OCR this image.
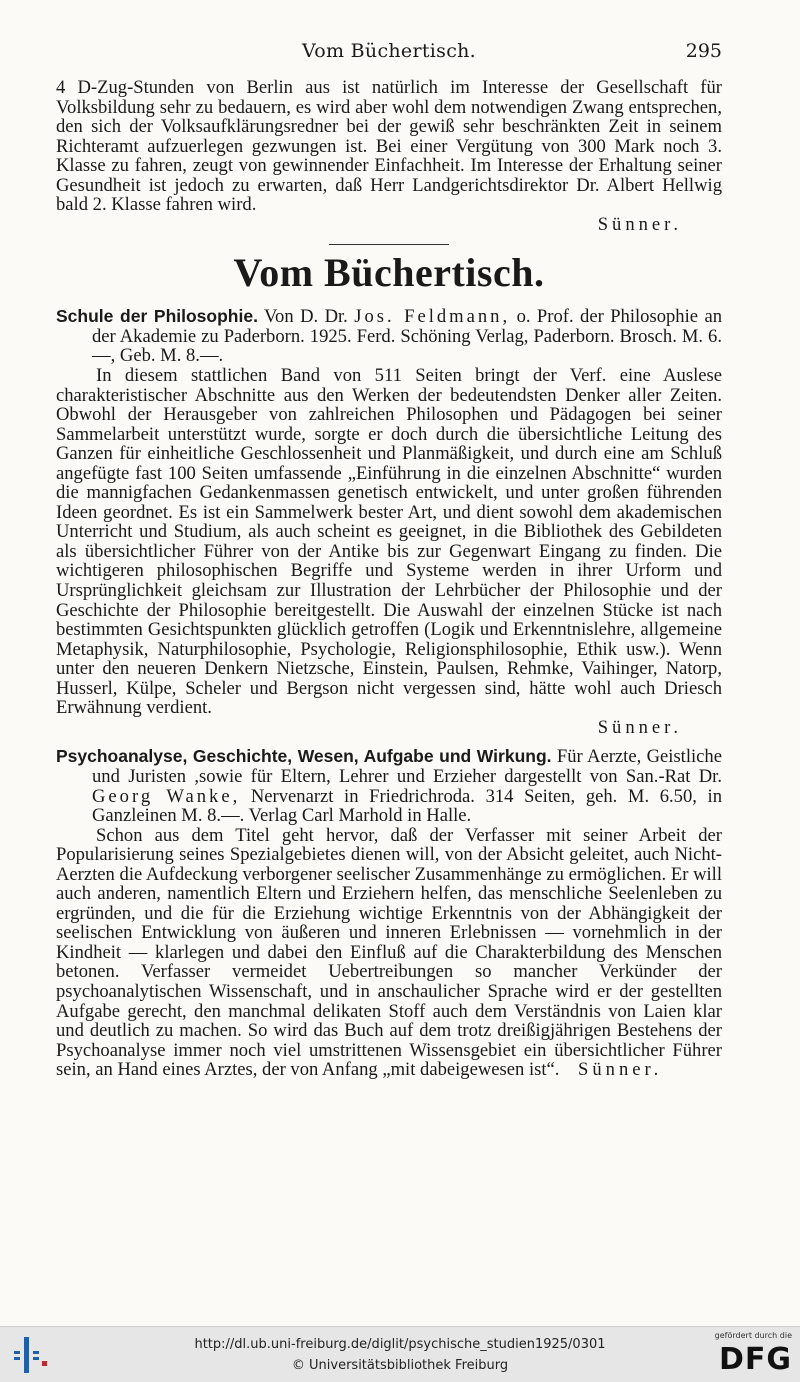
Vom Büchertisch.	295

4 D-Zug-Stunden von Berlin aus ist natürlich im Interesse der Gesellschaft für Volksbildung sehr zu bedauern, es wird aber wohl dem notwendigen Zwang entsprechen, den sich der Volksaufklärungsredner bei der gewiß sehr beschränkten Zeit in seinem Richteramt aufzuerlegen gezwungen ist. Bei einer Vergütung von 300 Mark noch 3. Klasse zu fahren, zeugt von gewinnender Einfachheit. Im Interesse der Erhaltung seiner Gesundheit ist jedoch zu erwarten, daß Herr Landgerichtsdirektor Dr. Albert Hellwig bald 2. Klasse fahren wird.

Sünner.

Vom Büchertisch.

Schule der Philosophie. Von D. Dr. Jos. Feldmann, o. Prof. der Philosophie an der Akademie zu Paderborn. 1925. Ferd. Schöning Verlag, Paderborn. Brosch. M. 6.—, Geb. M. 8.—.

In diesem stattlichen Band von 511 Seiten bringt der Verf. eine Auslese charakteristischer Abschnitte aus den Werken der bedeutendsten Denker aller Zeiten. Obwohl der Herausgeber von zahlreichen Philosophen und Pädagogen bei seiner Sammelarbeit unterstützt wurde, sorgte er doch durch die übersichtliche Leitung des Ganzen für einheitliche Geschlossenheit und Planmäßigkeit, und durch eine am Schluß angefügte fast 100 Seiten umfassende „Einführung in die einzelnen Abschnitte“ wurden die mannigfachen Gedankenmassen genetisch entwickelt, und unter großen führenden Ideen geordnet. Es ist ein Sammelwerk bester Art, und dient sowohl dem akademischen Unterricht und Studium, als auch scheint es geeignet, in die Bibliothek des Gebildeten als übersichtlicher Führer von der Antike bis zur Gegenwart Eingang zu finden. Die wichtigeren philosophischen Begriffe und Systeme werden in ihrer Urform und Ursprünglichkeit gleichsam zur Illustration der Lehrbücher der Philosophie und der Geschichte der Philosophie bereitgestellt. Die Auswahl der einzelnen Stücke ist nach bestimmten Gesichtspunkten glücklich getroffen (Logik und Erkenntnislehre, allgemeine Metaphysik, Naturphilosophie, Psychologie, Religionsphilosophie, Ethik usw.). Wenn unter den neueren Denkern Nietzsche, Einstein, Paulsen, Rehmke, Vaihinger, Natorp, Husserl, Külpe, Scheler und Bergson nicht vergessen sind, hätte wohl auch Driesch Erwähnung verdient.

Sünner.

Psychoanalyse, Geschichte, Wesen, Aufgabe und Wirkung. Für Aerzte, Geistliche und Juristen ,sowie für Eltern, Lehrer und Erzieher dargestellt von San.-Rat Dr. Georg Wanke, Nervenarzt in Friedrichroda. 314 Seiten, geh. M. 6.50, in Ganzleinen M. 8.—. Verlag Carl Marhold in Halle.

Schon aus dem Titel geht hervor, daß der Verfasser mit seiner Arbeit der Popularisierung seines Spezialgebietes dienen will, von der Absicht geleitet, auch Nicht-Aerzten die Aufdeckung verborgener seelischer Zusammenhänge zu ermöglichen. Er will auch anderen, namentlich Eltern und Erziehern helfen, das menschliche Seelenleben zu ergründen, und die für die Erziehung wichtige Erkenntnis von der Abhängigkeit der seelischen Entwicklung von äußeren und inneren Erlebnissen — vornehmlich in der Kindheit — klarlegen und dabei den Einfluß auf die Charakterbildung des Menschen betonen. Verfasser vermeidet Uebertreibungen so mancher Verkünder der psychoanalytischen Wissenschaft, und in anschaulicher Sprache wird er der gestellten Aufgabe gerecht, den manchmal delikaten Stoff auch dem Verständnis von Laien klar und deutlich zu machen. So wird das Buch auf dem trotz dreißigjährigen Bestehens der Psychoanalyse immer noch viel umstrittenen Wissensgebiet ein übersichtlicher Führer sein, an Hand eines Arztes, der von Anfang „mit dabeigewesen ist“. Sünner.

http://dl.ub.uni-freiburg.de/diglit/psychische_studien1925/0301
© Universitätsbibliothek Freiburg
gefördert durch die
DFG
